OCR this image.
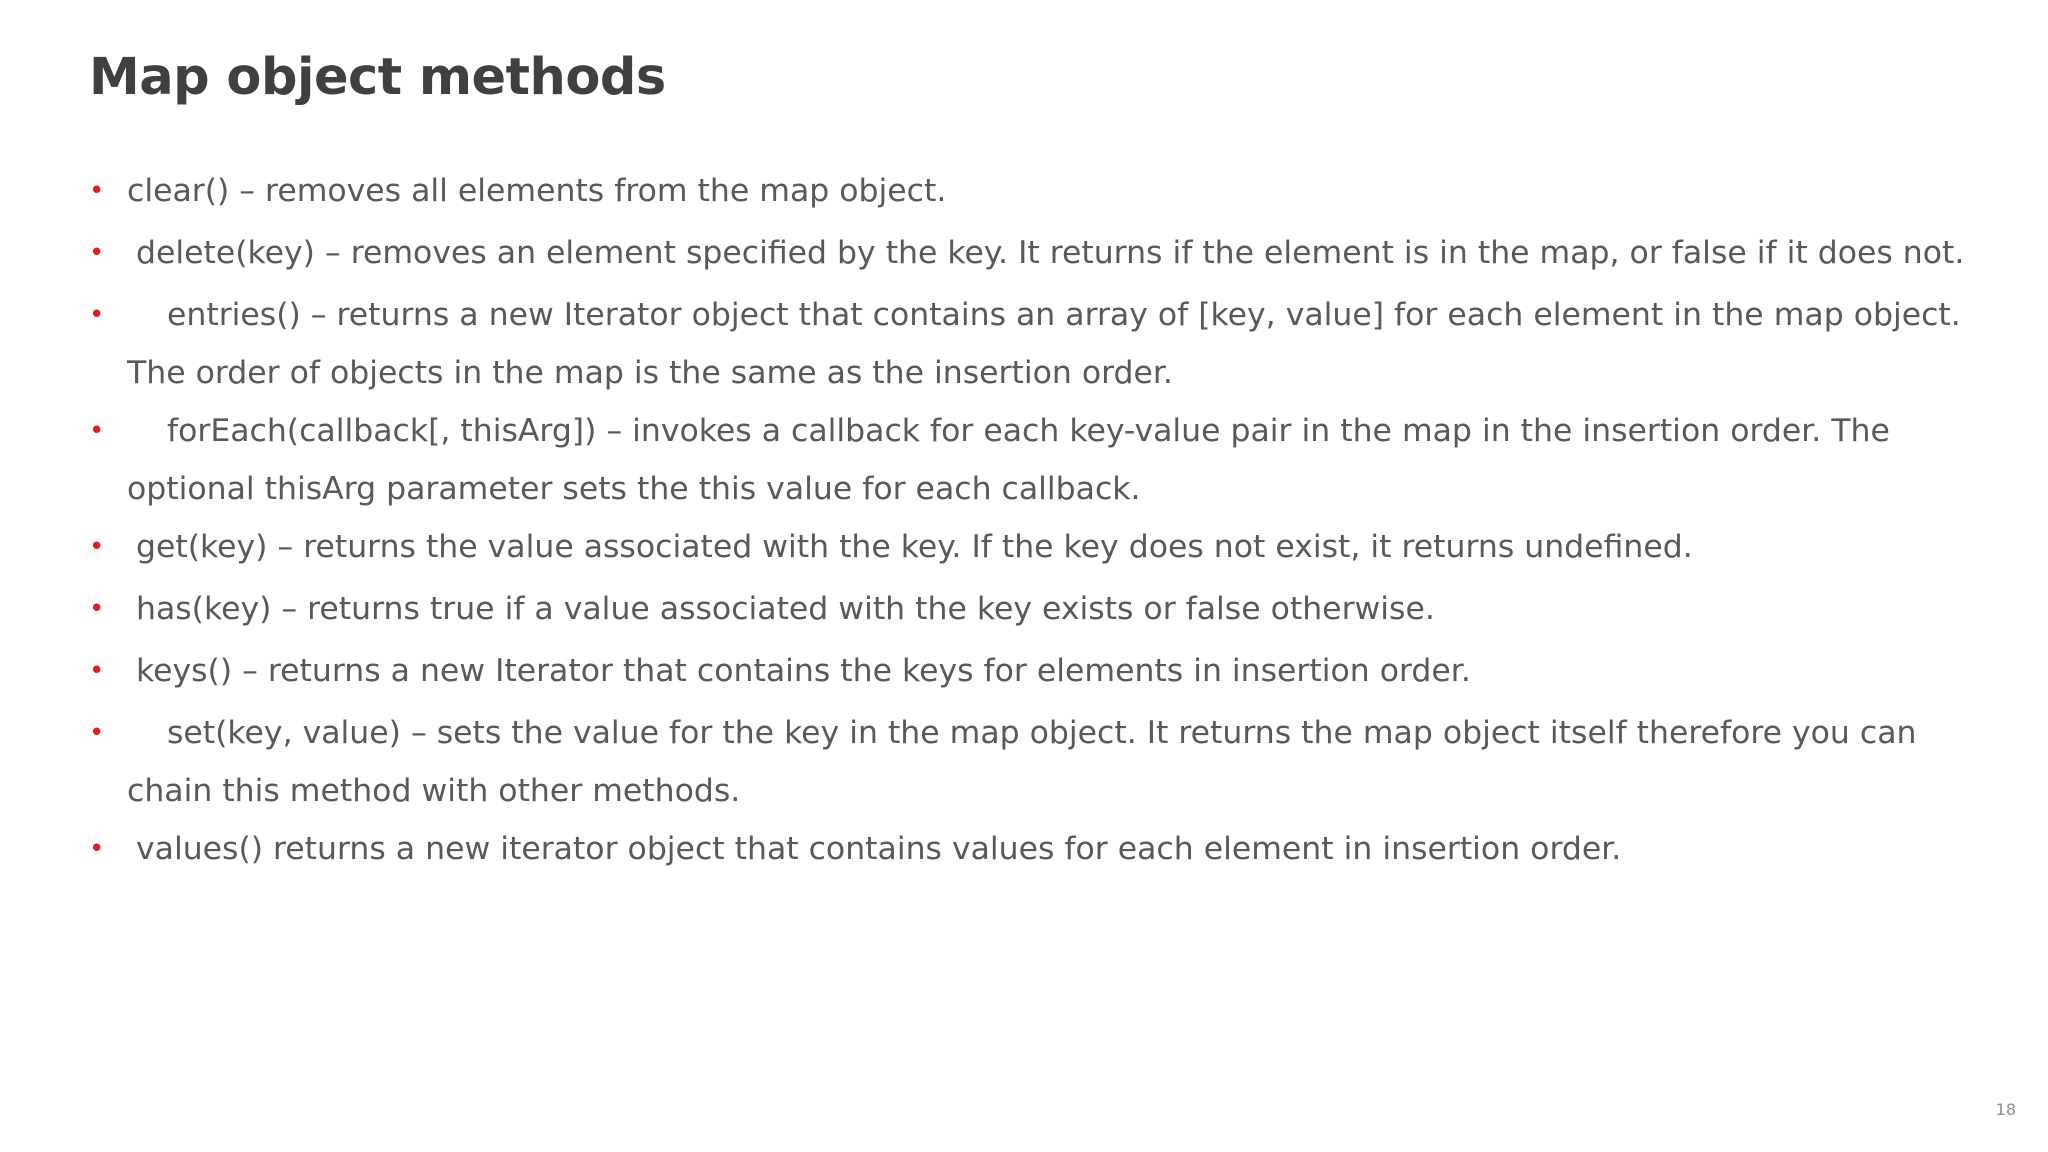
Map object methods
• clear() – removes all elements from the map object.
• delete(key) – removes an element specified by the key. It returns if the element is in the map, or false if it does not.
• entries() – returns a new Iterator object that contains an array of [key, value] for each element in the map object. The order of objects in the map is the same as the insertion order.
• forEach(callback[, thisArg]) – invokes a callback for each key-value pair in the map in the insertion order. The optional thisArg parameter sets the this value for each callback.
• get(key) – returns the value associated with the key. If the key does not exist, it returns undefined.
• has(key) – returns true if a value associated with the key exists or false otherwise.
• keys() – returns a new Iterator that contains the keys for elements in insertion order.
• set(key, value) – sets the value for the key in the map object. It returns the map object itself therefore you can chain this method with other methods.
• values() returns a new iterator object that contains values for each element in insertion order.
18
